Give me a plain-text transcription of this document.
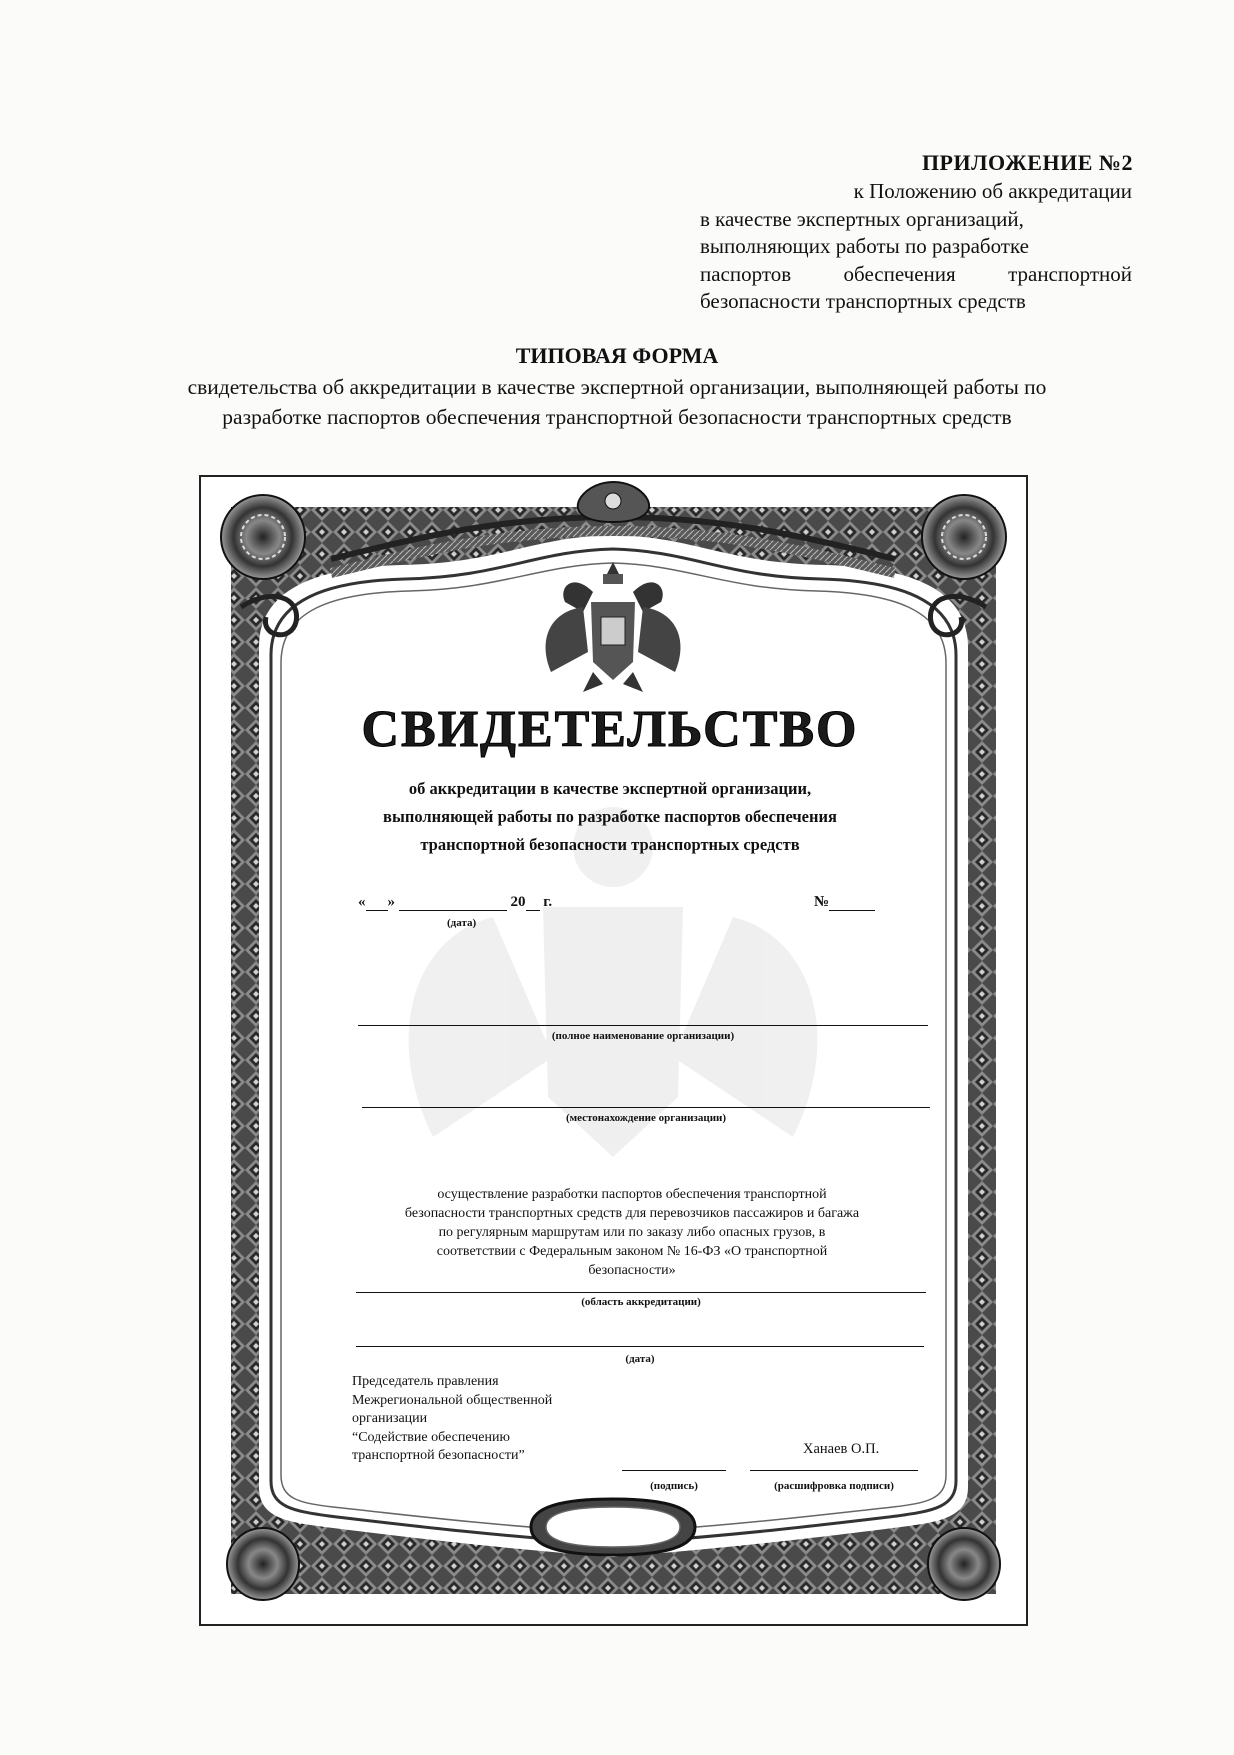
ПРИЛОЖЕНИЕ №2
к Положению об аккредитации
в качестве экспертных организаций,
выполняющих работы по разработке
паспортов обеспечения транспортной
безопасности транспортных средств
ТИПОВАЯ ФОРМА
свидетельства об аккредитации в качестве экспертной организации, выполняющей работы по
разработке паспортов обеспечения транспортной безопасности транспортных средств
СВИДЕТЕЛЬСТВО
об аккредитации в качестве экспертной организации,
выполняющей работы по разработке паспортов обеспечения
транспортной безопасности транспортных средств
« »	20 г.
(дата)
№
(полное наименование организации)
(местонахождение организации)
осуществление разработки паспортов обеспечения транспортной
безопасности транспортных средств для перевозчиков пассажиров и багажа
по регулярным маршрутам или по заказу либо опасных грузов, в
соответствии с Федеральным законом № 16-ФЗ «О транспортной
безопасности»
(область аккредитации)
(дата)
Председатель правления
Межрегиональной общественной
организации
“Содействие обеспечению
транспортной безопасности”	Ханаев О.П.
(подпись)	(расшифровка подписи)
